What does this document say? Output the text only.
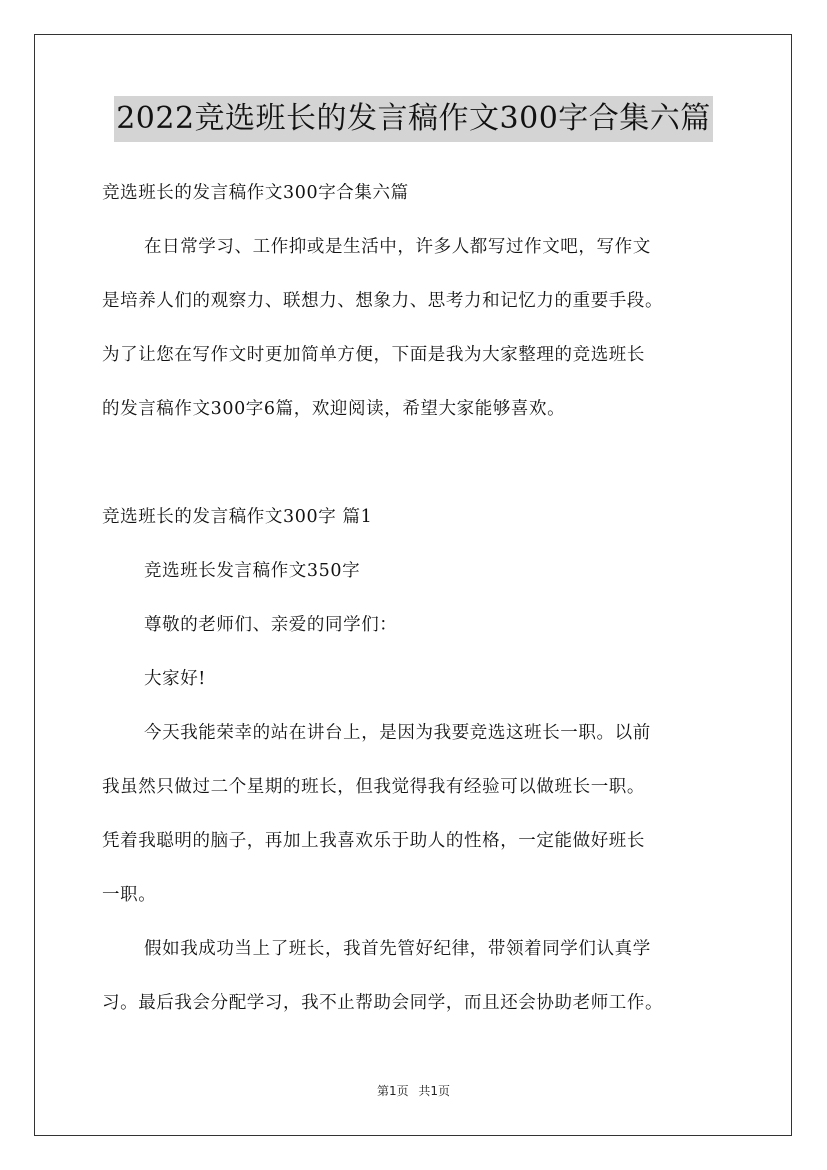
2022竞选班长的发言稿作文300字合集六篇
竞选班长的发言稿作文300字合集六篇
在日常学习、工作抑或是生活中，许多人都写过作文吧，写作文
是培养人们的观察力、联想力、想象力、思考力和记忆力的重要手段。
为了让您在写作文时更加简单方便，下面是我为大家整理的竞选班长
的发言稿作文300字6篇，欢迎阅读，希望大家能够喜欢。
竞选班长的发言稿作文300字 篇1
竞选班长发言稿作文350字
尊敬的老师们、亲爱的同学们：
大家好!
今天我能荣幸的站在讲台上，是因为我要竞选这班长一职。以前
我虽然只做过二个星期的班长，但我觉得我有经验可以做班长一职。
凭着我聪明的脑子，再加上我喜欢乐于助人的性格，一定能做好班长
一职。
假如我成功当上了班长，我首先管好纪律，带领着同学们认真学
习。最后我会分配学习，我不止帮助会同学，而且还会协助老师工作。
第1页 共1页
